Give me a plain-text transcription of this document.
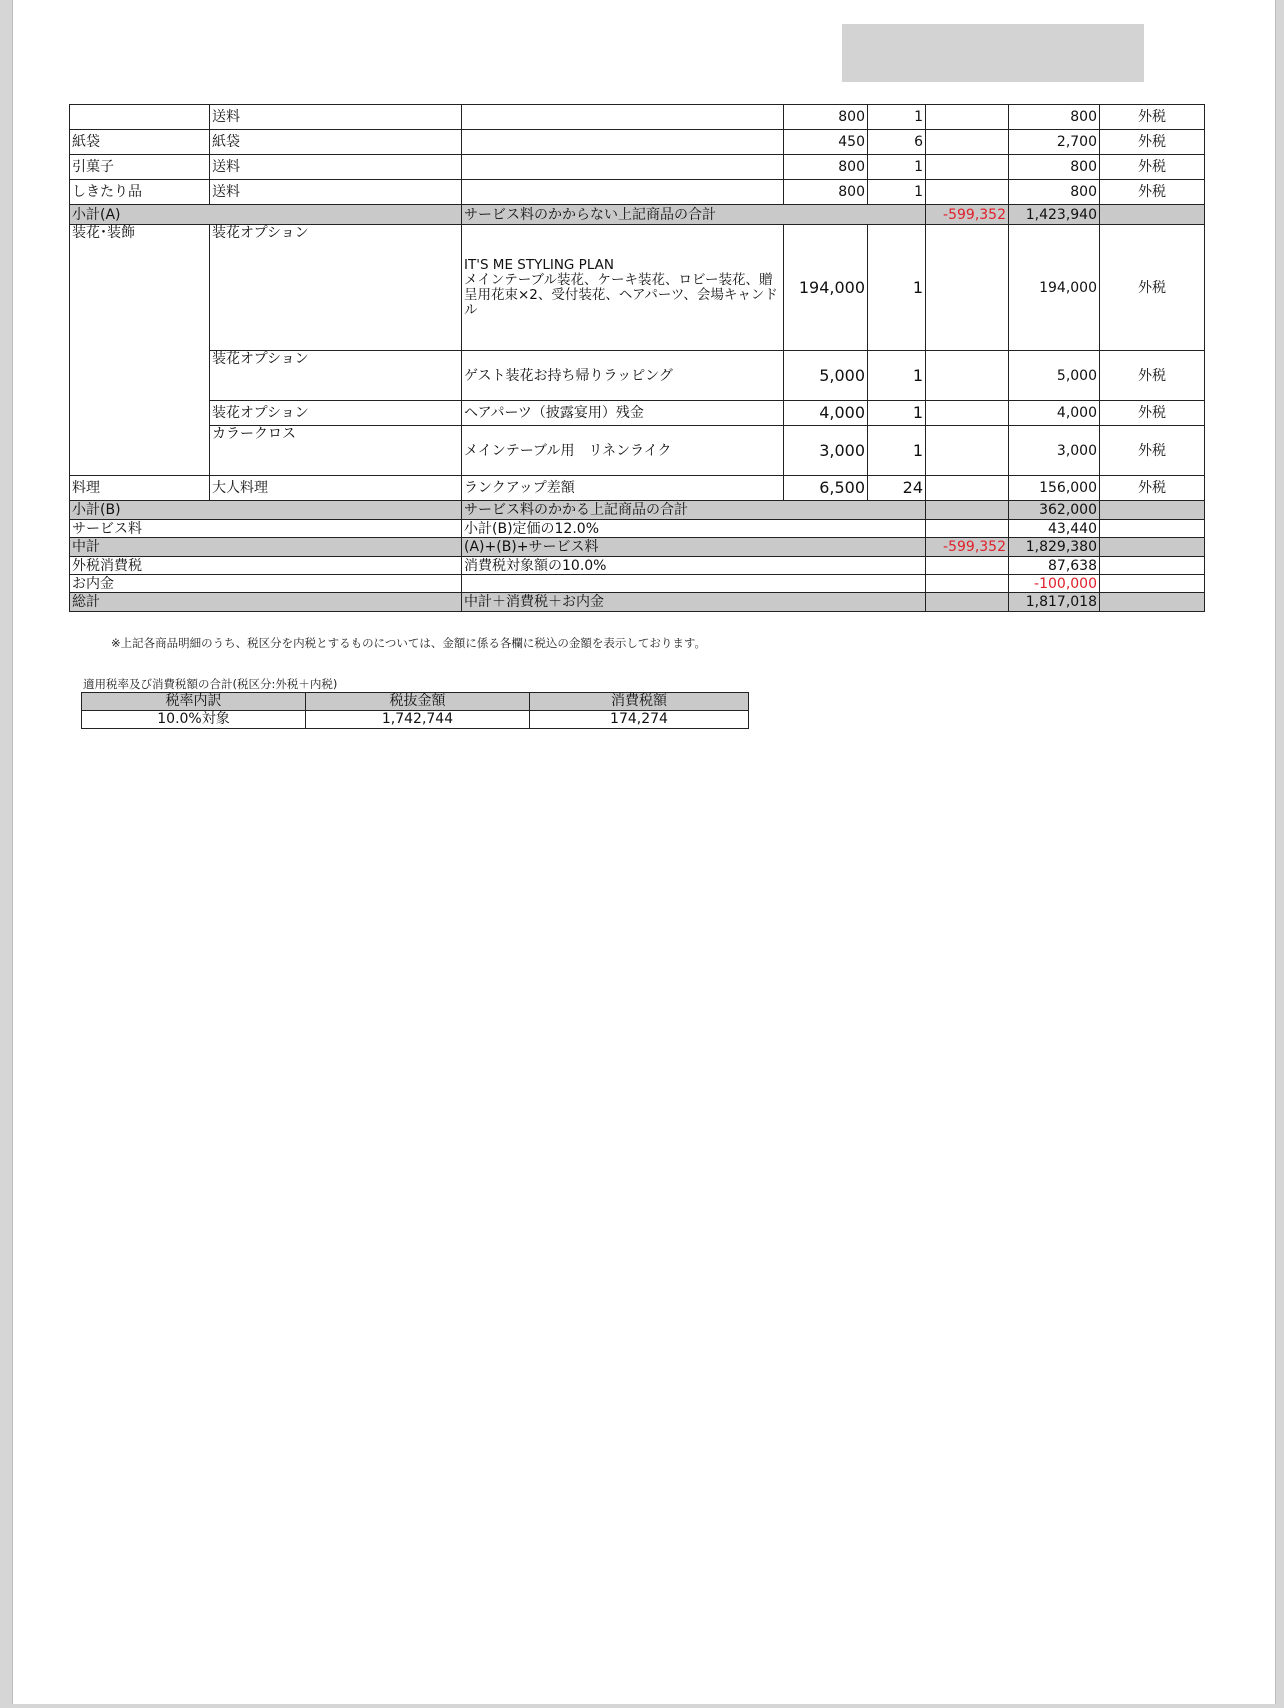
	送料		800	1		800	外税
紙袋	紙袋		450	6		2,700	外税
引菓子	送料		800	1		800	外税
しきたり品	送料		800	1		800	外税
小計(A)		サービス料のかからない上記商品の合計			-599,352	1,423,940	
装花･装飾	装花オプション	IT'S ME STYLING PLAN
メインテーブル装花、ケーキ装花、ロビー装花、贈呈用花束×2、受付装花、ヘアパーツ、会場キャンドル	194,000	1		194,000	外税
	装花オプション	ゲスト装花お持ち帰りラッピング	5,000	1		5,000	外税
	装花オプション	ヘアパーツ（披露宴用）残金	4,000	1		4,000	外税
	カラークロス	メインテーブル用　リネンライク	3,000	1		3,000	外税
料理	大人料理	ランクアップ差額	6,500	24		156,000	外税
小計(B)		サービス料のかかる上記商品の合計				362,000	
サービス料		小計(B)定価の12.0%				43,440	
中計		(A)+(B)+サービス料			-599,352	1,829,380	
外税消費税		消費税対象額の10.0%				87,638	
お内金						-100,000	
総計		中計＋消費税＋お内金				1,817,018	
※上記各商品明細のうち、税区分を内税とするものについては、金額に係る各欄に税込の金額を表示しております。
適用税率及び消費税額の合計(税区分:外税＋内税)
税率内訳	税抜金額	消費税額
10.0%対象	1,742,744	174,274
